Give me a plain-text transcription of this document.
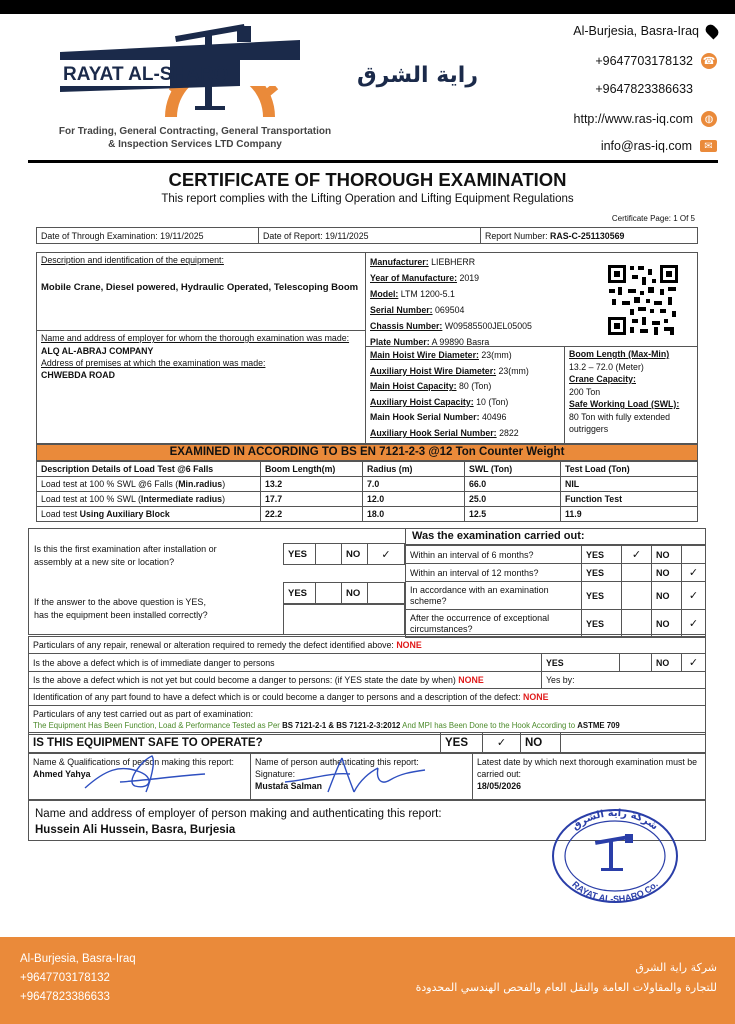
RAYAT AL-SHARQ	راية الشرق
For Trading, General Contracting, General Transportation
& Inspection Services LTD Company
Al-Burjesia, Basra-Iraq
+9647703178132 ☎
+9647823386633
http://www.ras-iq.com	◍
info@ras-iq.com	✉
CERTIFICATE OF THOROUGH EXAMINATION
This report complies with the Lifting Operation and Lifting Equipment Regulations
Certificate Page: 1 Of 5
Date of Through Examination: 19/11/2025	Date of Report: 19/11/2025	Report Number: RAS-C-251130569
Description and identification of the equipment:
Mobile Crane, Diesel powered, Hydraulic Operated, Telescoping Boom
Name and address of employer for whom the thorough examination was made:
ALQ AL-ABRAJ COMPANY
Address of premises at which the examination was made:
CHWEBDA ROAD
Manufacturer: LIEBHERR
Year of Manufacture: 2019
Model: LTM 1200-5.1
Serial Number: 069504
Chassis Number: W09585500JEL05005
Plate Number: A 99890 Basra
Main Hoist Wire Diameter: 23(mm)
Auxiliary Hoist Wire Diameter: 23(mm)
Main Hoist Capacity: 80 (Ton)
Auxiliary Hoist Capacity: 10 (Ton)
Main Hook Serial Number: 40496
Auxiliary Hook Serial Number: 2822
Boom Length (Max-Min)
13.2 – 72.0 (Meter)
Crane Capacity:
200 Ton
Safe Working Load (SWL):
80 Ton with fully extended outriggers
EXAMINED IN ACCORDING TO BS EN 7121-2-3 @12 Ton Counter Weight
Description Details of Load Test @6 Falls	Boom Length(m)	Radius (m)	SWL (Ton)	Test Load (Ton)
Load test at 100 % SWL @6 Falls (Min.radius)	13.2	7.0	66.0	NIL
Load test at 100 % SWL (Intermediate radius)	17.7	12.0	25.0	Function Test
Load test Using Auxiliary Block	22.2	18.0	12.5	11.9
Is this the first examination after installation or
assembly at a new site or location?
If the answer to the above question is YES,
has the equipment been installed correctly?
YES		NO	✓
YES		NO	
Was the examination carried out:
Within an interval of 6 months?	YES	✓	NO	
Within an interval of 12 months?	YES		NO	✓
In accordance with an examination scheme?	YES		NO	✓
After the occurrence of exceptional circumstances?	YES		NO	✓
Particulars of any repair, renewal or alteration required to remedy the defect identified above: NONE				
Is the above a defect which is of immediate danger to persons	YES		NO	✓
Is the above a defect which is not yet but could become a danger to persons: (if YES state the date by when) NONE	Yes by:			
Identification of any part found to have a defect which is or could become a danger to persons and a description of the defect: NONE				

Particulars of any test carried out as part of examination:
The Equipment Has Been Function, Load & Performance Tested as Per BS 7121-2-1 & BS 7121-2-3:2012 And MPI has Been Done to the Hook According to ASTME 709				
IS THIS EQUIPMENT SAFE TO OPERATE?	YES	✓	NO	
Name & Qualifications of person making this report:
Ahmed Yahya

Name of person authenticating this report:
Signature:
Mustafa Salman

Latest date by which next thorough examination must be carried out:
18/05/2026
Name and address of employer of person making and authenticating this report:
Hussein Ali Hussein, Basra, Burjesia	شركة راية الشرق
RAYAT AL-SHARQ Co.
Al-Burjesia, Basra-Iraq
+9647703178132
+9647823386633
شركة راية الشرق
للتجارة والمقاولات العامة والنقل العام والفحص الهندسي المحدودة
